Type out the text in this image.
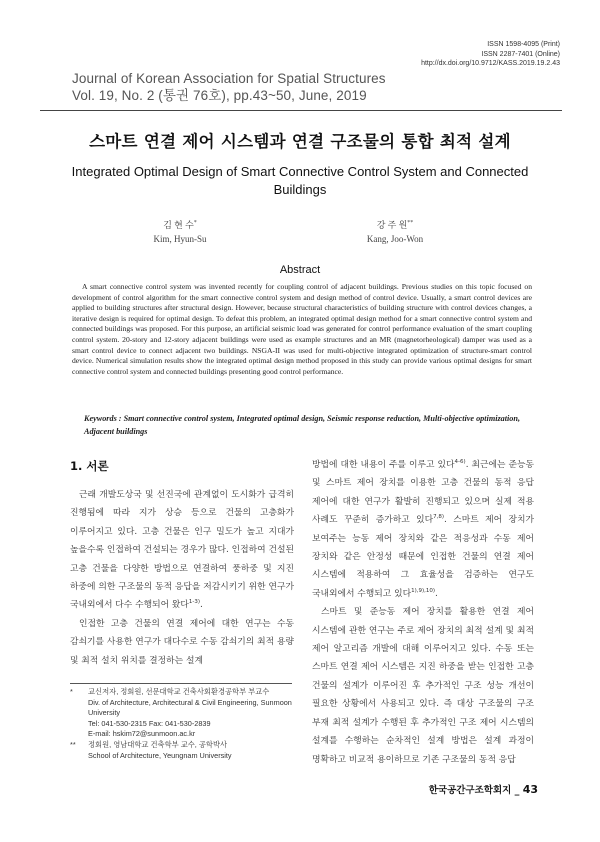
ISSN 1598-4095 (Print)
ISSN 2287-7401 (Online)
http://dx.doi.org/10.9712/KASS.2019.19.2.43
Journal of Korean Association for Spatial Structures
Vol. 19, No. 2 (통권 76호), pp.43~50, June, 2019
스마트 연결 제어 시스템과 연결 구조물의 통합 최적 설계
Integrated Optimal Design of Smart Connective Control System and Connected Buildings
김 현 수*
Kim, Hyun-Su
강 주 원**
Kang, Joo-Won
Abstract
A smart connective control system was invented recently for coupling control of adjacent buildings. Previous studies on this topic focused on development of control algorithm for the smart connective control system and design method of control device. Usually, a smart control devices are applied to building structures after structural design. However, because structural characteristics of building structure with control devices changes, a iterative design is required for optimal design. To defeat this problem, an integrated optimal design method for a smart connective control system and connected buildings was proposed. For this purpose, an artificial seismic load was generated for control performance evaluation of the smart coupling control system. 20-story and 12-story adjacent buildings were used as example structures and an MR (magnetorheological) damper was used as a smart control device to connect adjacent two buildings. NSGA-II was used for multi-objective integrated optimization of structure-smart control device. Numerical simulation results show the integrated optimal design method proposed in this study can provide various optimal designs for smart connective control system and connected buildings presenting good control performance.
Keywords : Smart connective control system, Integrated optimal design, Seismic response reduction, Multi-objective optimization, Adjacent buildings
1. 서론

근래 개발도상국 및 선진국에 관계없이 도시화가 급격히 진행됨에 따라 지가 상승 등으로 건물의 고층화가 이루어지고 있다. 고층 건물은 인구 밀도가 높고 지대가 높을수록 인접하여 건설되는 경우가 많다. 인접하여 건설된 고층 건물을 다양한 방법으로 연결하여 풍하중 및 지진 하중에 의한 구조물의 동적 응답을 저감시키기 위한 연구가 국내외에서 다수 수행되어 왔다$^{1-3)}$.

인접한 고층 건물의 연결 제어에 대한 연구는 수동 감쇠기를 사용한 연구가 대다수로 수동 감쇠기의 최적 용량 및 최적 설치 위치를 결정하는 설계

* 교신저자, 정회원, 선문대학교 건축사회환경공학부 부교수
Div. of Architecture, Architectural & Civil Engineering, Sunmoon University
Tel: 041-530-2315 Fax: 041-530-2839
E-mail: hskim72@sunmoon.ac.kr
** 정회원, 영남대학교 건축학부 교수, 공학박사
School of Architecture, Yeungnam University

방법에 대한 내용이 주를 이루고 있다$^{4-6)}$. 최근에는 준능동 및 스마트 제어 장치를 이용한 고층 건물의 동적 응답 제어에 대한 연구가 활발히 진행되고 있으며 실제 적용 사례도 꾸준히 증가하고 있다$^{7,8)}$. 스마트 제어 장치가 보여주는 능동 제어 장치와 같은 적응성과 수동 제어 장치와 같은 안정성 때문에 인접한 건물의 연결 제어 시스템에 적용하여 그 효율성을 검증하는 연구도 국내외에서 수행되고 있다$^{1),9),10)}$.

스마트 및 준능동 제어 장치를 활용한 연결 제어 시스템에 관한 연구는 주로 제어 장치의 최적 설계 및 최적 제어 알고리즘 개발에 대해 이루어지고 있다. 수동 또는 스마트 연결 제어 시스템은 지진 하중을 받는 인접한 고층 건물의 설계가 이루어진 후 추가적인 구조 성능 개선이 필요한 상황에서 사용되고 있다. 즉 대상 구조물의 구조 부재 최적 설계가 수행된 후 추가적인 구조 제어 시스템의 설계를 수행하는 순차적인 설계 방법은 설계 과정이 명확하고 비교적 용이하므로 기존 구조물의 동적 응답

한국공간구조학회지 _ 43
